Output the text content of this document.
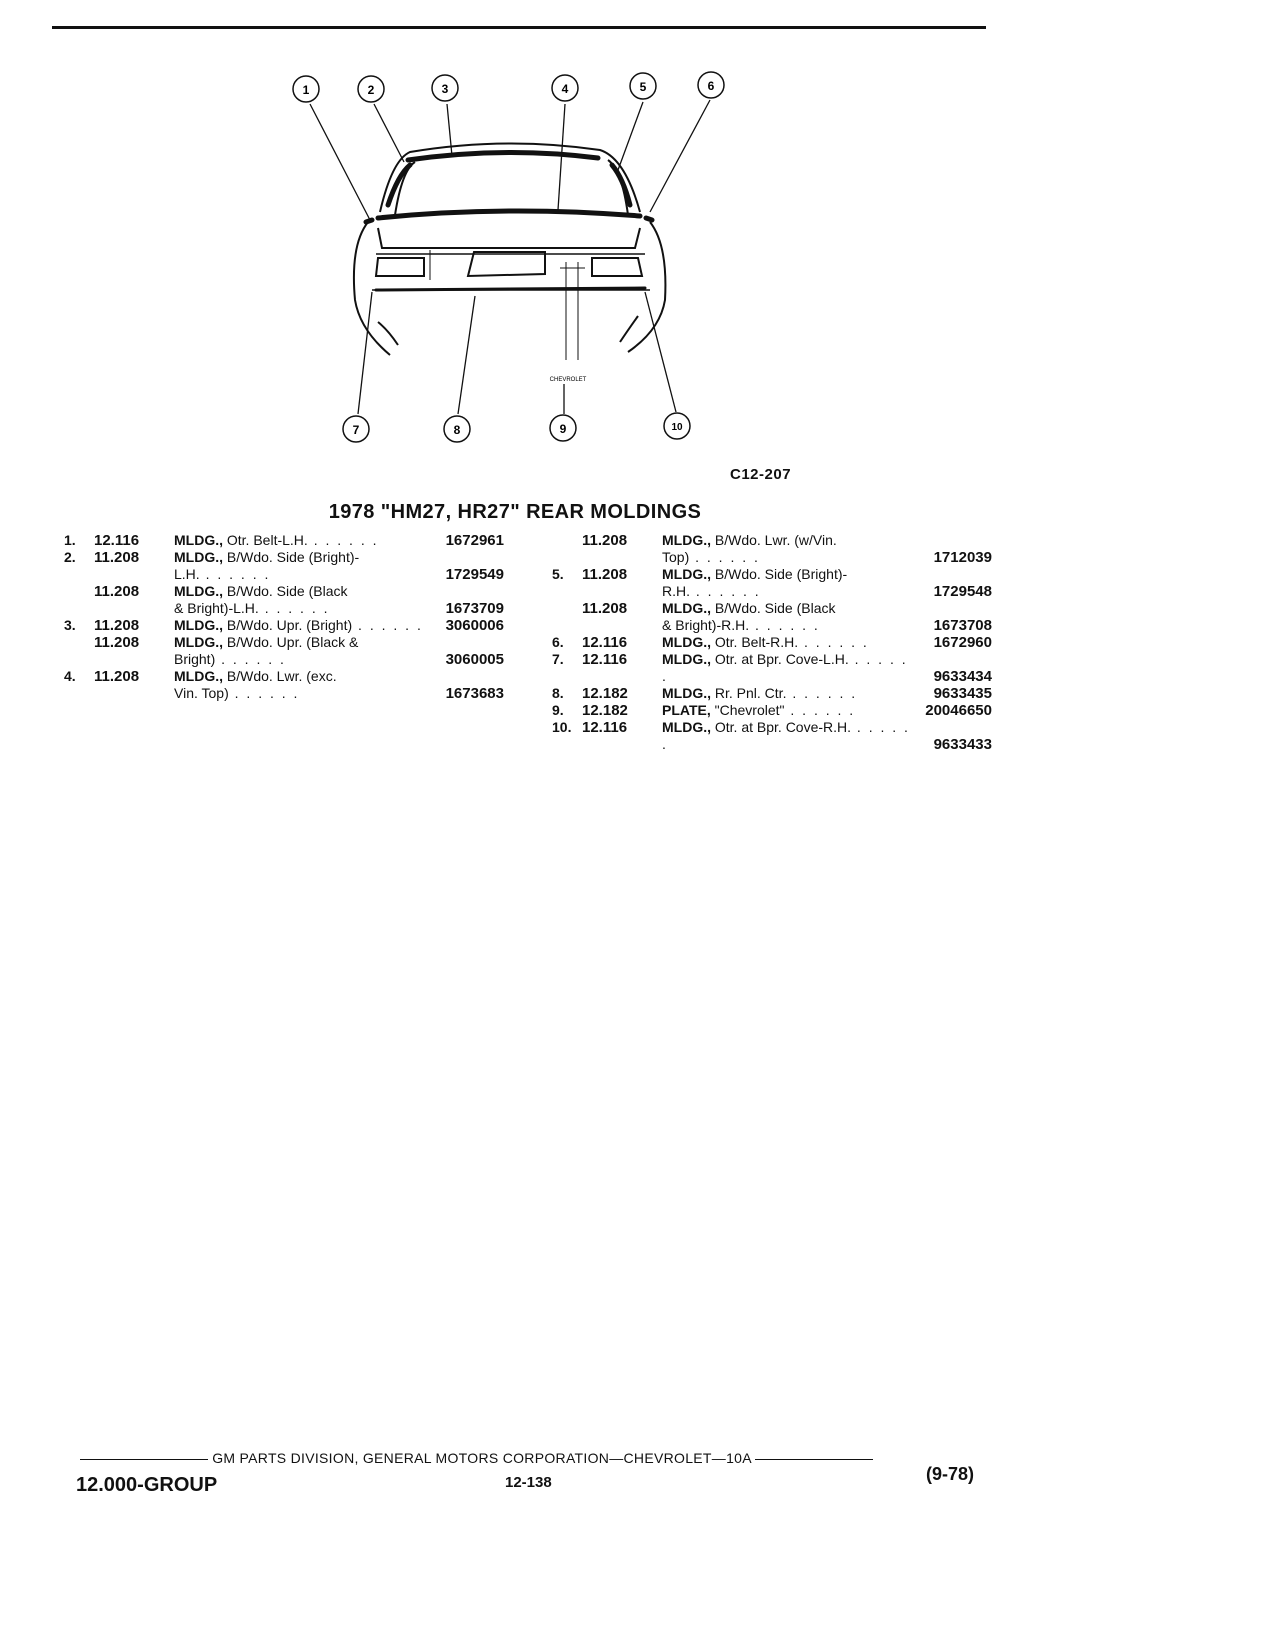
1	2	3	4	5	6
7	8	9	10
CHEVROLET
C12-207
1978 "HM27, HR27" REAR MOLDINGS
1.	12.116	MLDG., Otr. Belt-L.H. . . . . . .	1672961
2.	11.208	MLDG., B/Wdo. Side (Bright)-
L.H. . . . . . .	1729549
11.208	MLDG., B/Wdo. Side (Black
& Bright)-L.H. . . . . . .	1673709
3.	11.208	MLDG., B/Wdo. Upr. (Bright) . . . . . .	3060006
11.208	MLDG., B/Wdo. Upr. (Black &
Bright) . . . . . .	3060005
4.	11.208	MLDG., B/Wdo. Lwr. (exc.
Vin. Top) . . . . . .	1673683
11.208	MLDG., B/Wdo. Lwr. (w/Vin.
Top) . . . . . .	1712039
5.	11.208	MLDG., B/Wdo. Side (Bright)-
R.H. . . . . . .	1729548
11.208	MLDG., B/Wdo. Side (Black
& Bright)-R.H. . . . . . .	1673708
6.	12.116	MLDG., Otr. Belt-R.H. . . . . . .	1672960
7.	12.116	MLDG., Otr. at Bpr. Cove-L.H. . . . . . .	9633434
8.	12.182	MLDG., Rr. Pnl. Ctr. . . . . . .	9633435
9.	12.182	PLATE, "Chevrolet" . . . . . .	20046650
10. 12.116	MLDG., Otr. at Bpr. Cove-R.H. . . . . . .	9633433
GM PARTS DIVISION, GENERAL MOTORS CORPORATION—CHEVROLET—10A
12.000-GROUP	12-138	(9-78)
